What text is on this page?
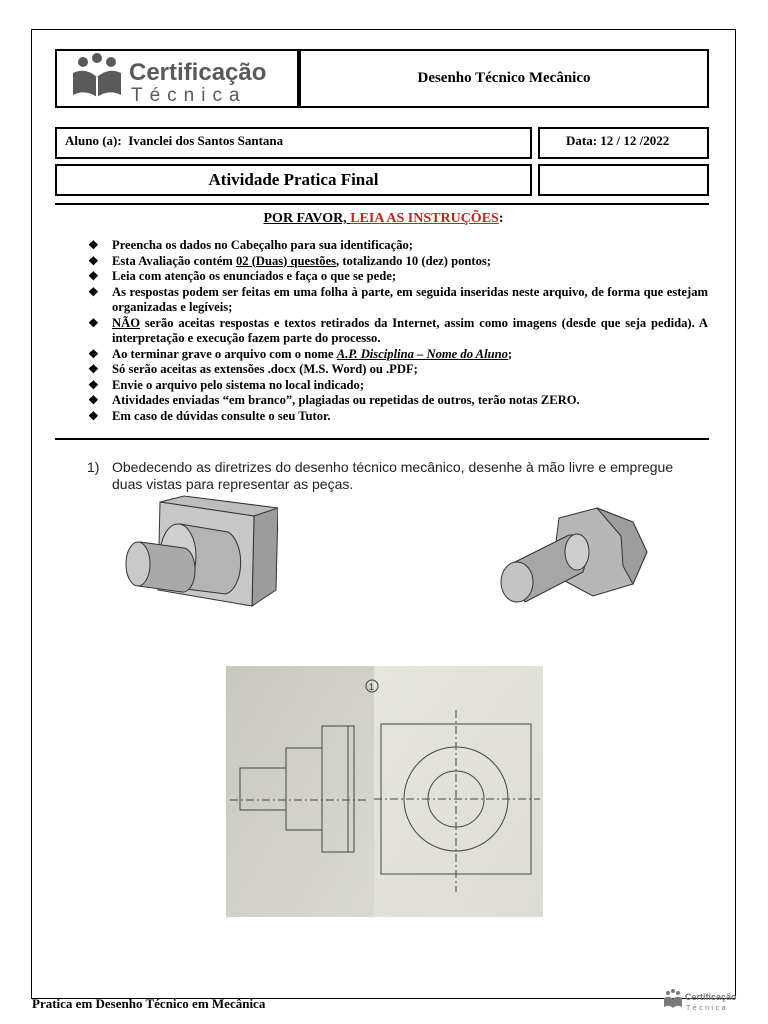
Certificação
Técnica
Desenho Técnico Mecânico
Aluno (a): Ivanclei dos Santos Santana	Data: 12 / 12 /2022
Atividade Pratica Final
POR FAVOR, LEIA AS INSTRUÇÕES:
❖ Preencha os dados no Cabeçalho para sua identificação;
❖ Esta Avaliação contém 02 (Duas) questões, totalizando 10 (dez) pontos;
❖ Leia com atenção os enunciados e faça o que se pede;
❖ As respostas podem ser feitas em uma folha à parte, em seguida inseridas neste arquivo, de forma que estejam organizadas e legíveis;
❖ NÃO serão aceitas respostas e textos retirados da Internet, assim como imagens (desde que seja pedida). A interpretação e execução fazem parte do processo.
❖ Ao terminar grave o arquivo com o nome A.P. Disciplina – Nome do Aluno;
❖ Só serão aceitas as extensões .docx (M.S. Word) ou .PDF;
❖ Envie o arquivo pelo sistema no local indicado;
❖ Atividades enviadas “em branco”, plagiadas ou repetidas de outros, terão notas ZERO.
❖ Em caso de dúvidas consulte o seu Tutor.
1) Obedecendo as diretrizes do desenho técnico mecânico, desenhe à mão livre e empregue duas vistas para representar as peças.
1
Pratica em Desenho Técnico em Mecânica	Certificação
Técnica
